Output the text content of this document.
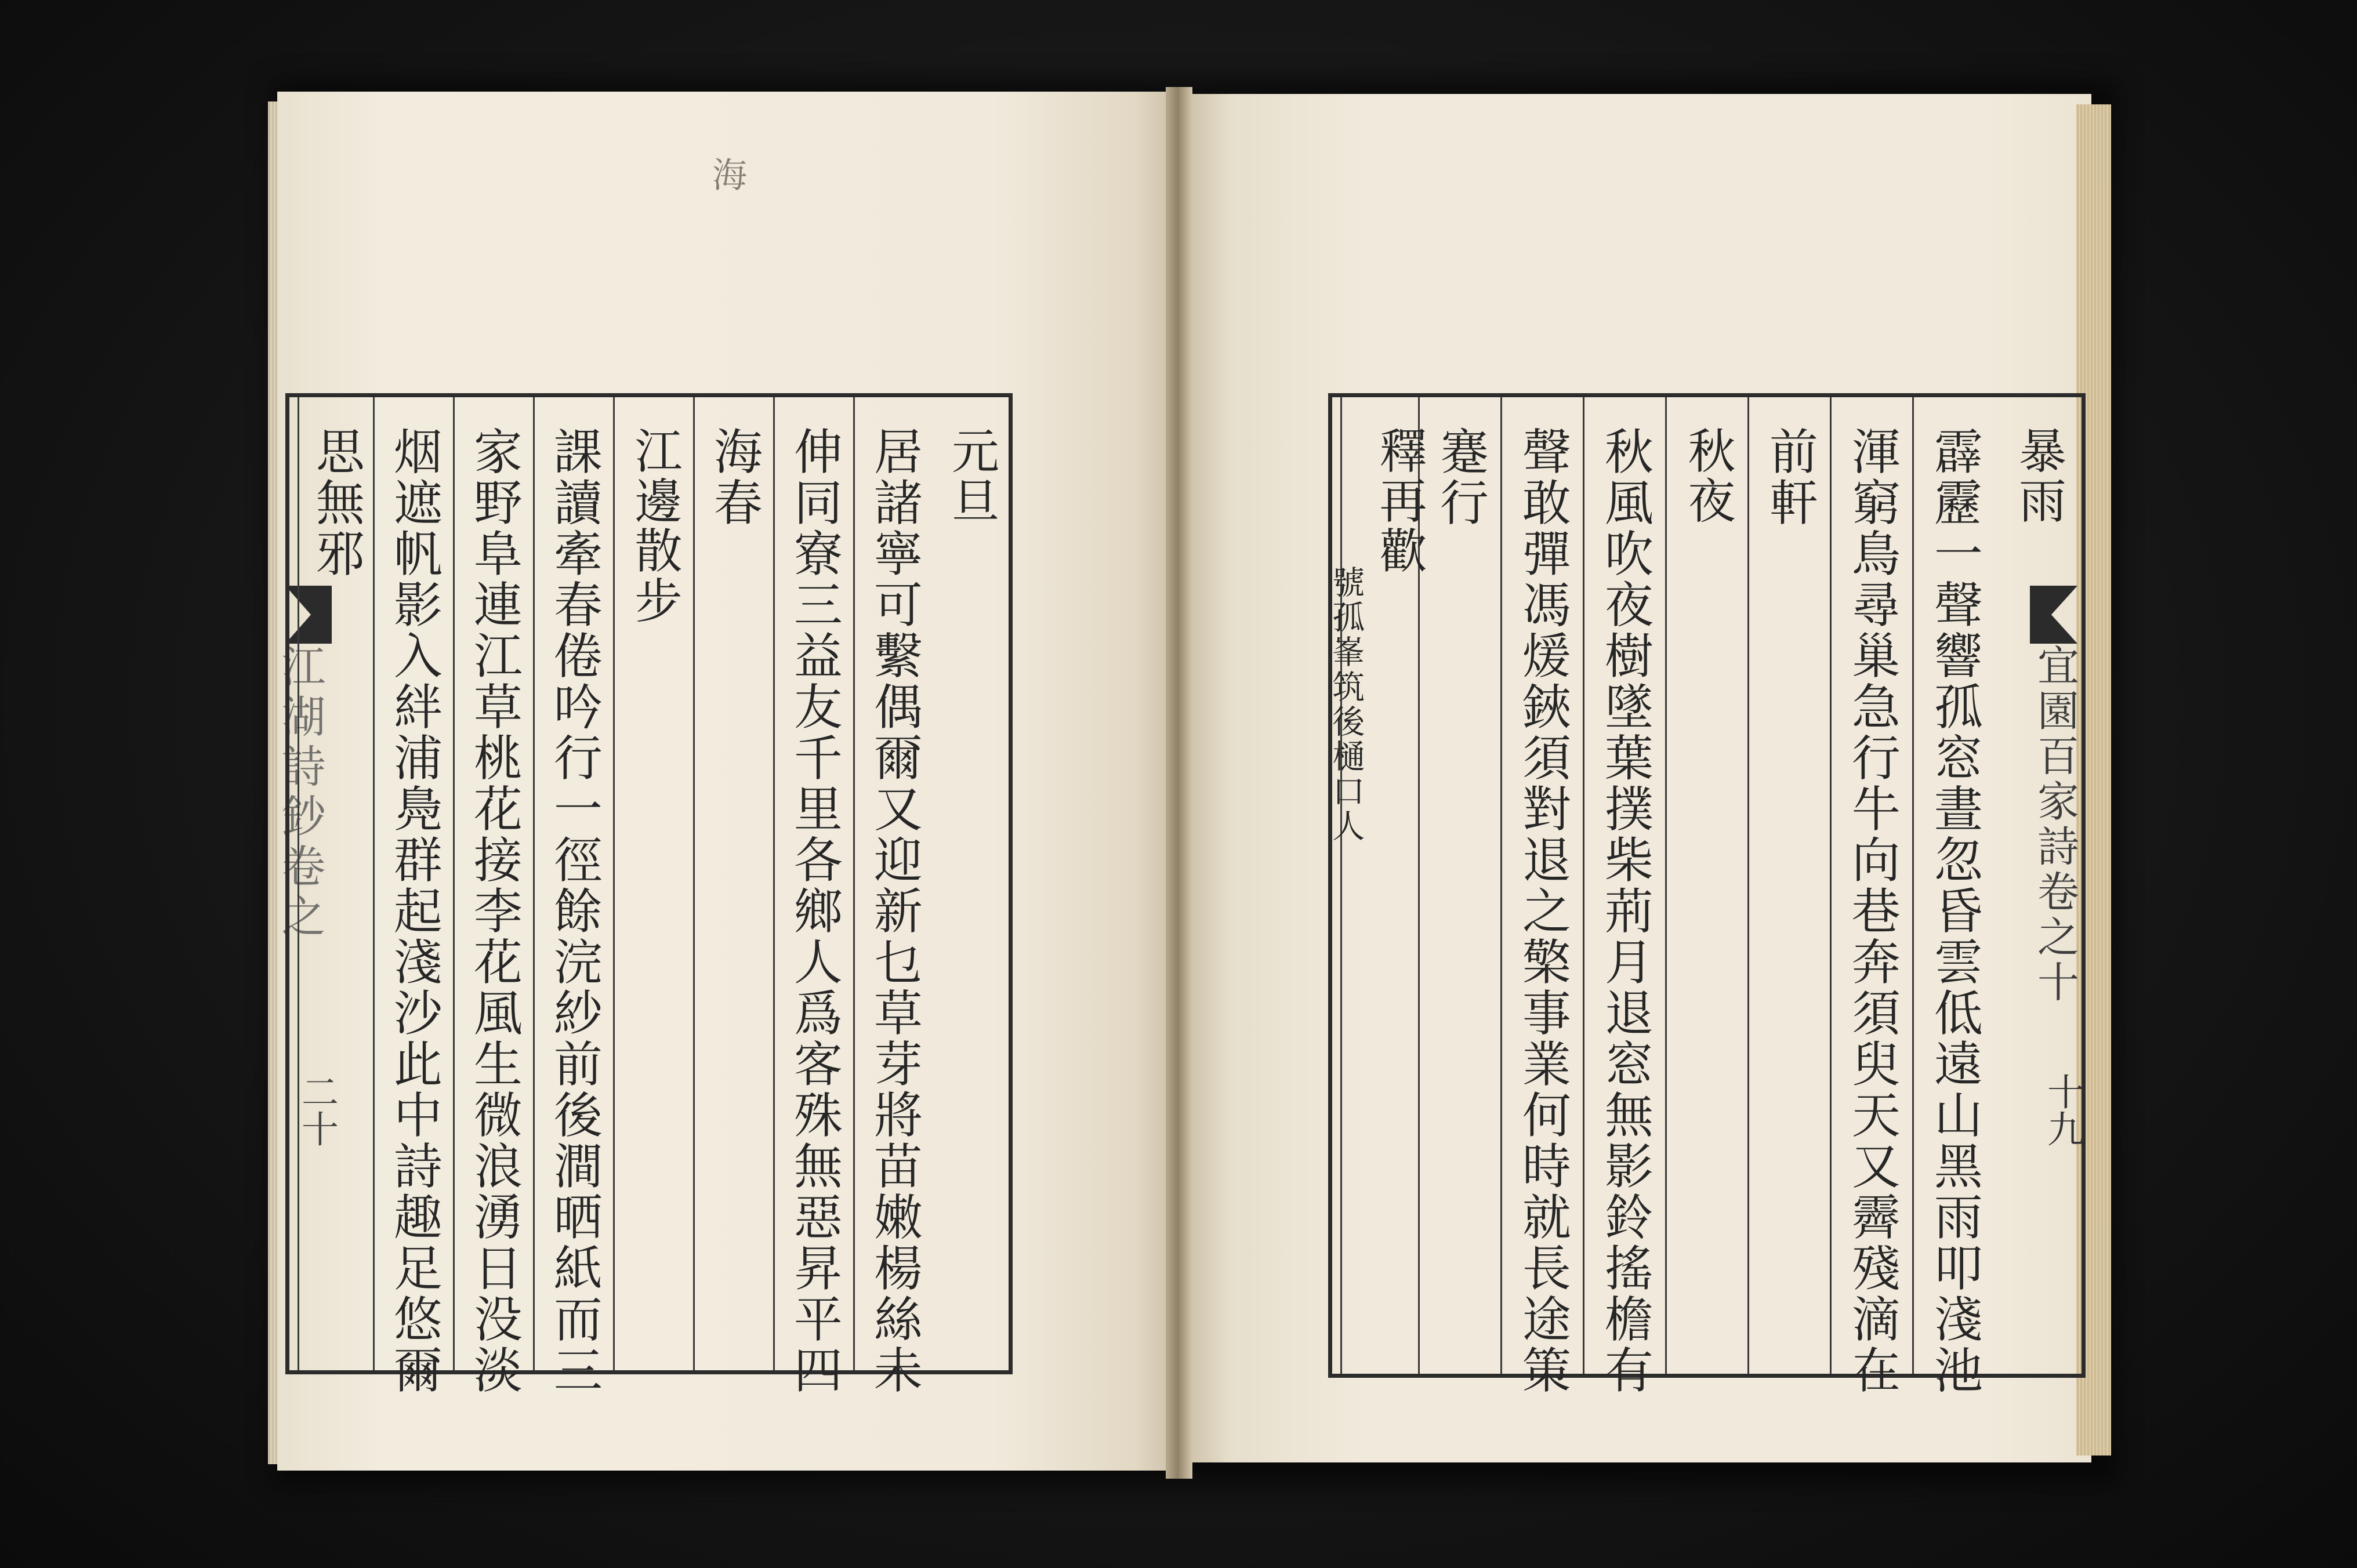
海
江湖詩鈔卷之
二十
元旦
居諸寧可繫偶爾又迎新乜草芽將苗嫩楊絲未
伸同寮三益友千里各鄉人爲客殊無惡昇平四
海春
江邊散步
課讀牽春倦吟行一徑餘浣紗前後澗晒紙而三
家野阜連江草桃花接李花風生微浪湧日没淡
烟遮帆影入絆浦鳧群起淺沙此中詩趣足悠爾
思無邪
宜園百家詩卷之十
十九
暴雨
霹靂一聲響孤窓晝忽昏雲低遠山黑雨叩淺池
渾窮鳥尋巢急行牛向巷奔須臾天又霽殘滴在
前軒
秋夜
秋風吹夜樹墜葉撲柴荊月退窓無影鈴搖檐有
聲敢彈馮煖鋏須對退之檠事業何時就長途策
蹇行
釋再歡
號孤峯筑後樋口人
